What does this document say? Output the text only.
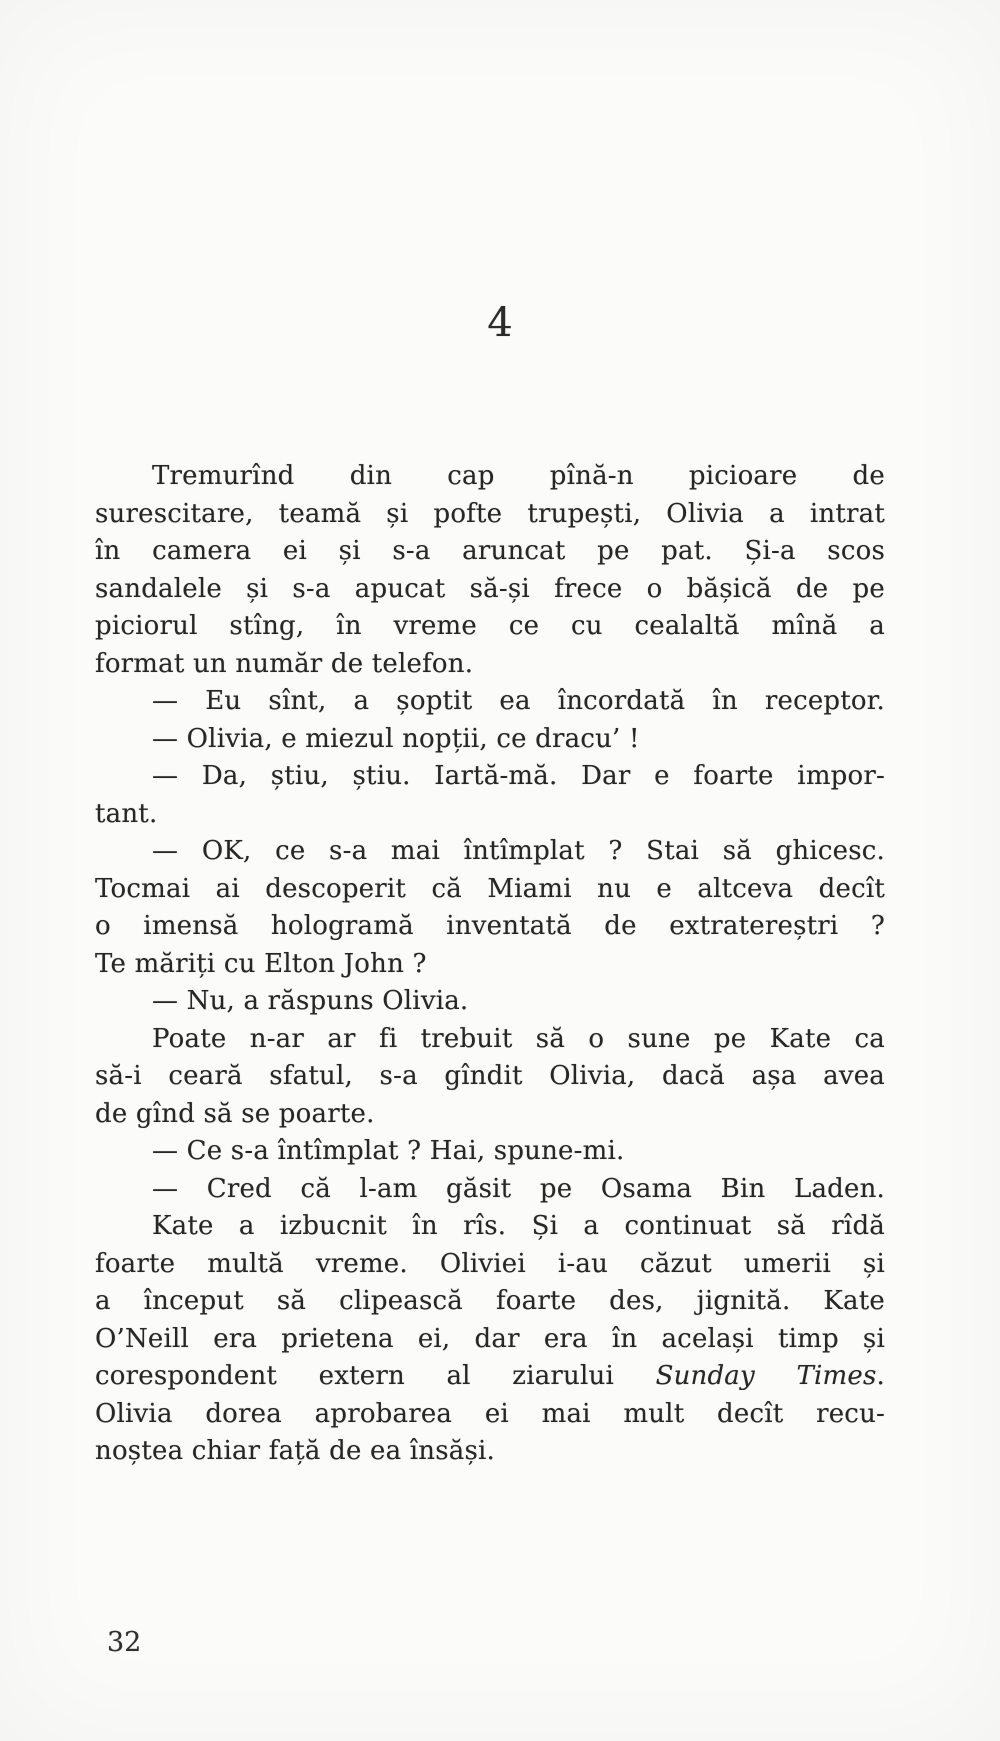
4
Tremurînd din cap pînă-n picioare de
surescitare, teamă și pofte trupești, Olivia a intrat
în camera ei și s-a aruncat pe pat. Și-a scos
sandalele și s-a apucat să-și frece o bășică de pe
piciorul stîng, în vreme ce cu cealaltă mînă a
format un număr de telefon.
— Eu sînt, a șoptit ea încordată în receptor.
— Olivia, e miezul nopții, ce dracu’ !
— Da, știu, știu. Iartă-mă. Dar e foarte impor-
tant.
— OK, ce s-a mai întîmplat ? Stai să ghicesc.
Tocmai ai descoperit că Miami nu e altceva decît
o imensă hologramă inventată de extratereștri ?
Te măriți cu Elton John ?
— Nu, a răspuns Olivia.
Poate n-ar ar fi trebuit să o sune pe Kate ca
să-i ceară sfatul, s-a gîndit Olivia, dacă așa avea
de gînd să se poarte.
— Ce s-a întîmplat ? Hai, spune-mi.
— Cred că l-am găsit pe Osama Bin Laden.
Kate a izbucnit în rîs. Și a continuat să rîdă
foarte multă vreme. Oliviei i-au căzut umerii și
a început să clipească foarte des, jignită. Kate
O’Neill era prietena ei, dar era în același timp și
corespondent extern al ziarului Sunday Times.
Olivia dorea aprobarea ei mai mult decît recu-
noștea chiar față de ea însăși.
32
